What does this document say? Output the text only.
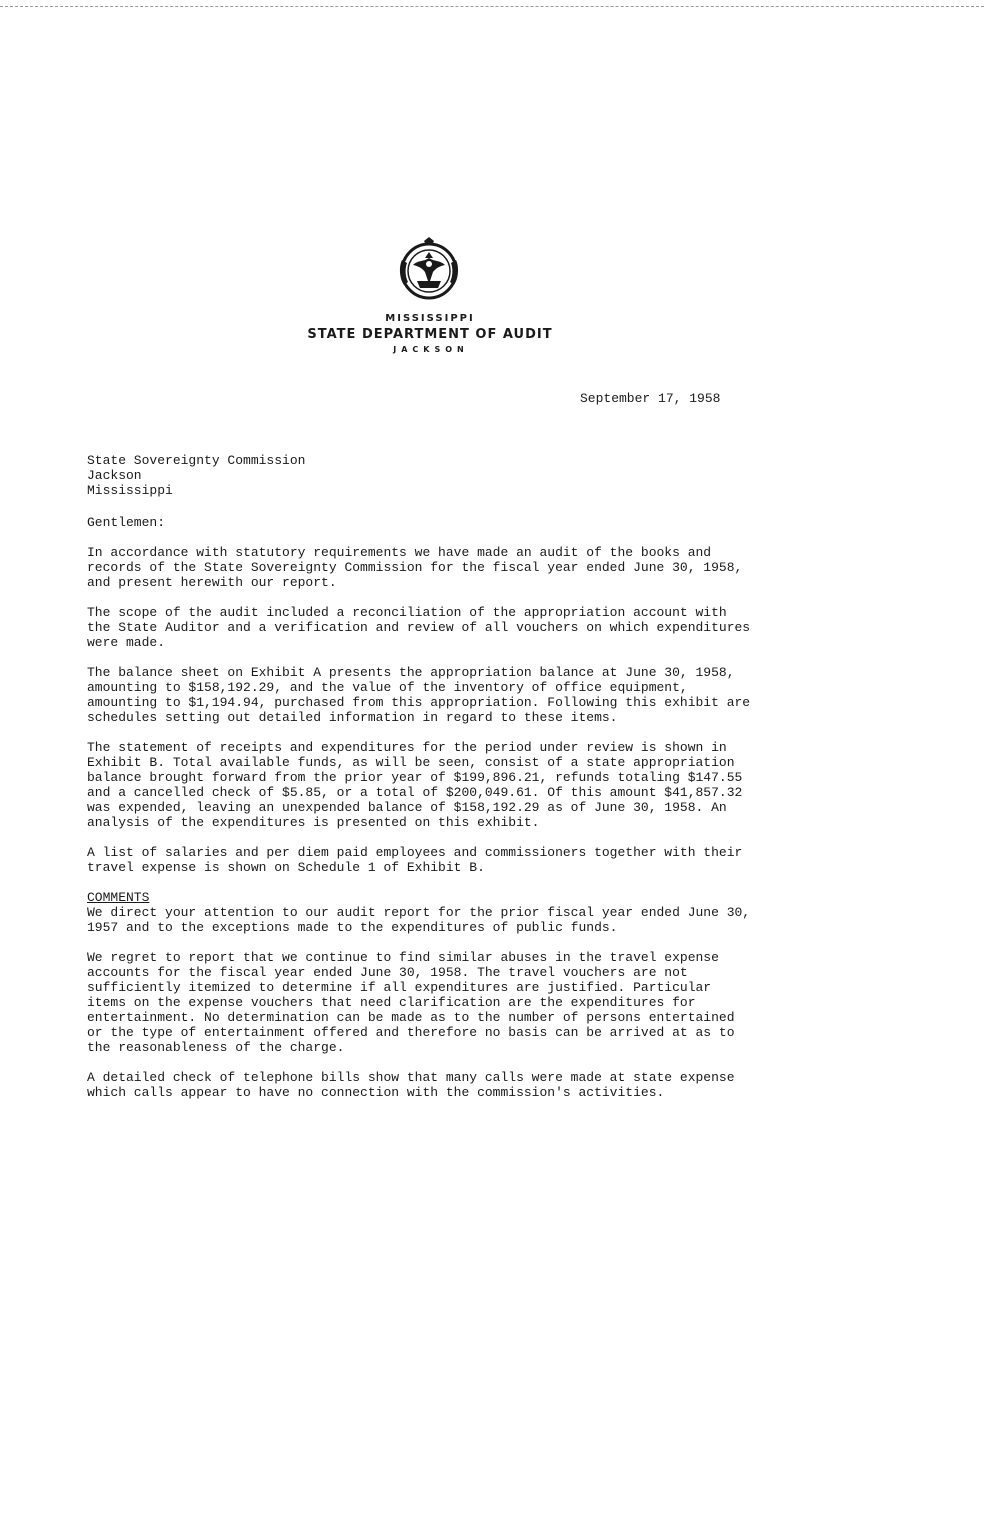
MISSISSIPPI
STATE DEPARTMENT OF AUDIT
JACKSON
September 17, 1958
State Sovereignty Commission
Jackson
Mississippi

Gentlemen:

In accordance with statutory requirements we have made an audit of the books and records of the State Sovereignty Commission for the fiscal year ended June 30, 1958, and present herewith our report.

The scope of the audit included a reconciliation of the appropriation account with the State Auditor and a verification and review of all vouchers on which expenditures were made.

The balance sheet on Exhibit A presents the appropriation balance at June 30, 1958, amounting to $158,192.29, and the value of the inventory of office equipment, amounting to $1,194.94, purchased from this appropriation. Following this exhibit are schedules setting out detailed information in regard to these items.

The statement of receipts and expenditures for the period under review is shown in Exhibit B. Total available funds, as will be seen, consist of a state appropriation balance brought forward from the prior year of $199,896.21, refunds totaling $147.55 and a cancelled check of $5.85, or a total of $200,049.61. Of this amount $41,857.32 was expended, leaving an unexpended balance of $158,192.29 as of June 30, 1958. An analysis of the expenditures is presented on this exhibit.

A list of salaries and per diem paid employees and commissioners together with their travel expense is shown on Schedule 1 of Exhibit B.

COMMENTS

We direct your attention to our audit report for the prior fiscal year ended June 30, 1957 and to the exceptions made to the expenditures of public funds.

We regret to report that we continue to find similar abuses in the travel expense accounts for the fiscal year ended June 30, 1958. The travel vouchers are not sufficiently itemized to determine if all expenditures are justified. Particular items on the expense vouchers that need clarification are the expenditures for entertainment. No determination can be made as to the number of persons entertained or the type of entertainment offered and therefore no basis can be arrived at as to the reasonableness of the charge.

A detailed check of telephone bills show that many calls were made at state expense which calls appear to have no connection with the commission's activities.
